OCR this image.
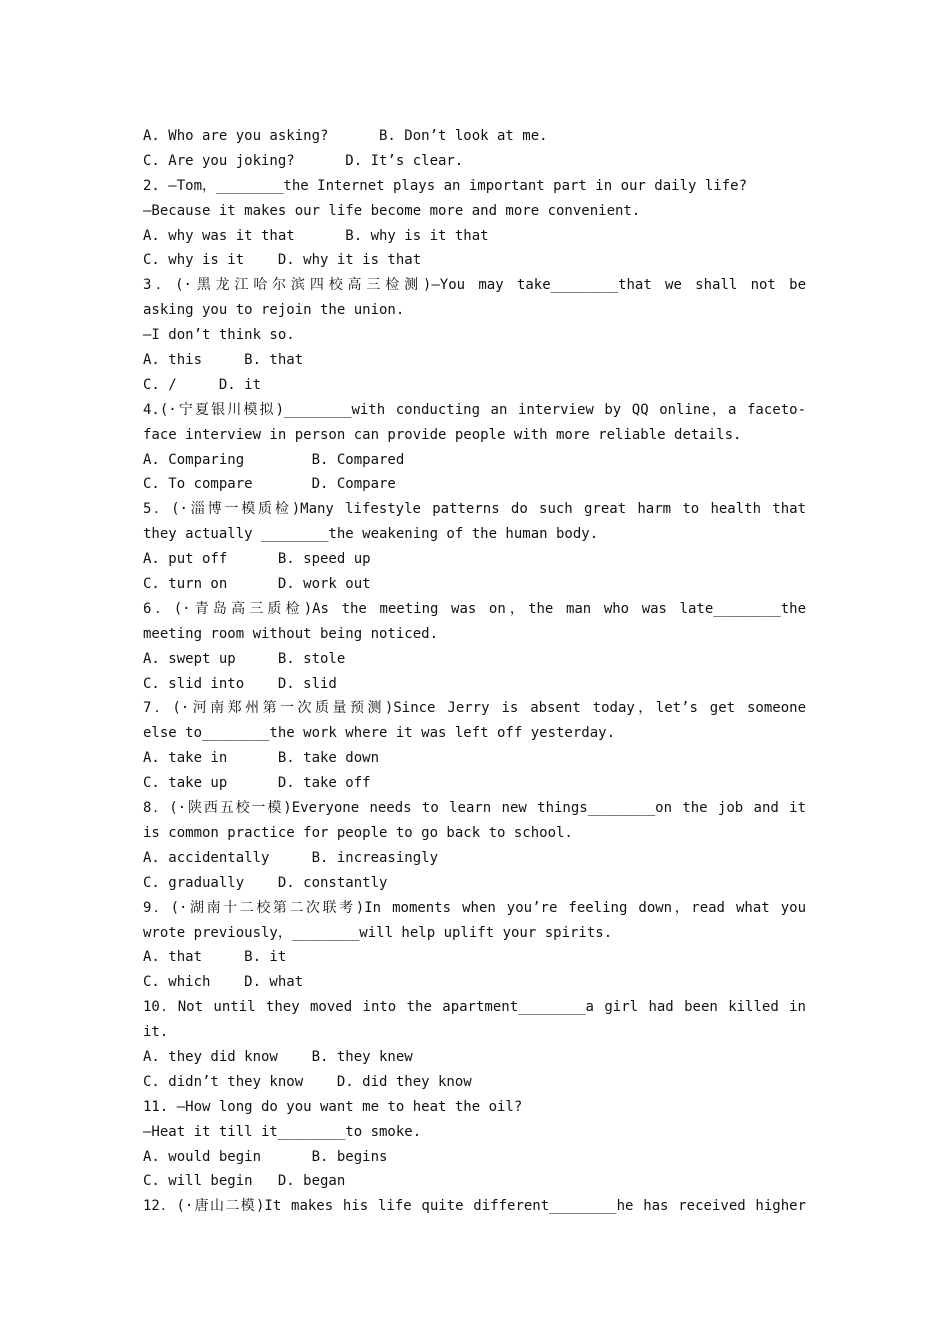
A. Who are you asking?      B. Don’t look at me.
C. Are you joking?      D. It’s clear.
2. —Tom，________the Internet plays an important part in our daily life?
—Because it makes our life become more and more convenient.
A. why was it that      B. why is it that
C. why is it    D. why it is that
3．(·黑龙江哈尔滨四校高三检测)—You may take________that we shall not be
asking you to rejoin the union.
—I don’t think so.
A. this     B. that
C. /     D. it
4.(·宁夏银川模拟)________with conducting an interview by QQ online，a faceto-
face interview in person can provide people with more reliable details.
A. Comparing        B. Compared
C. To compare       D. Compare
5．(·淄博一模质检)Many lifestyle patterns do such great harm to health that
they actually ________the weakening of the human body.
A. put off      B. speed up
C. turn on      D. work out
6．(·青岛高三质检)As the meeting was on，the man who was late________the
meeting room without being noticed.
A. swept up     B. stole
C. slid into    D. slid
7．(·河南郑州第一次质量预测)Since Jerry is absent today，let’s get someone
else to________the work where it was left off yesterday.
A. take in      B. take down
C. take up      D. take off
8．(·陕西五校一模)Everyone needs to learn new things________on the job and it
is common practice for people to go back to school.
A. accidentally     B. increasingly
C. gradually    D. constantly
9．(·湖南十二校第二次联考)In moments when you’re feeling down，read what you
wrote previously，________will help uplift your spirits.
A. that     B. it
C. which    D. what
10．Not until they moved into the apartment________a girl had been killed in
it.
A. they did know    B. they knew
C. didn’t they know    D. did they know
11. —How long do you want me to heat the oil?
—Heat it till it________to smoke.
A. would begin      B. begins
C. will begin   D. began
12．(·唐山二模)It makes his life quite different________he has received higher
